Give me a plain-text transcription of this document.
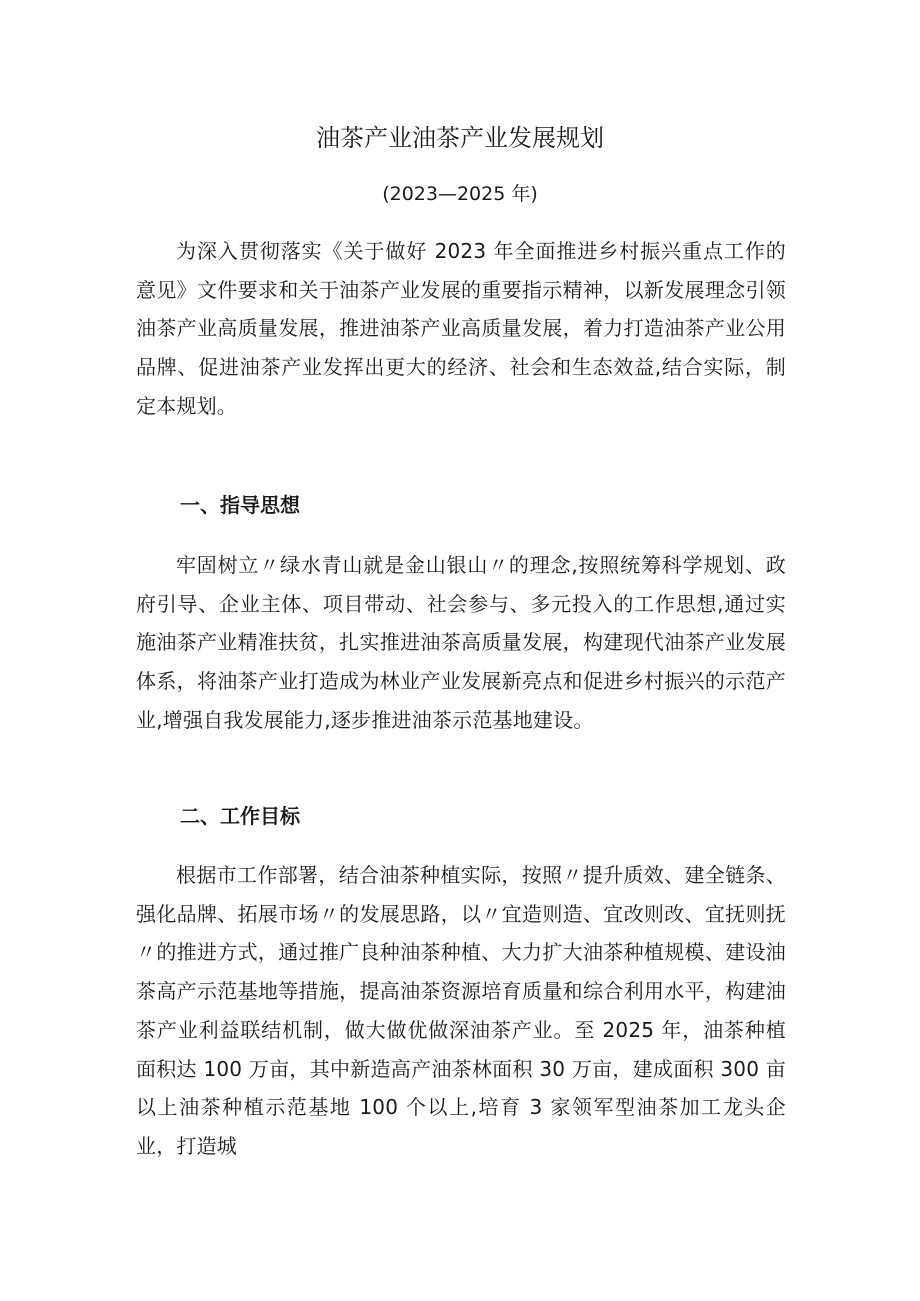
油茶产业油茶产业发展规划

(2023—2025 年)

为深入贯彻落实《关于做好 2023 年全面推进乡村振兴重点工作的意见》文件要求和关于油茶产业发展的重要指示精神，以新发展理念引领油茶产业高质量发展，推进油茶产业高质量发展，着力打造油茶产业公用品牌、促进油茶产业发挥出更大的经济、社会和生态效益,结合实际，制定本规划。

一、指导思想

牢固树立〃绿水青山就是金山银山〃的理念,按照统筹科学规划、政府引导、企业主体、项目带动、社会参与、多元投入的工作思想,通过实施油茶产业精准扶贫，扎实推进油茶高质量发展，构建现代油茶产业发展体系，将油茶产业打造成为林业产业发展新亮点和促进乡村振兴的示范产业,增强自我发展能力,逐步推进油茶示范基地建设。

二、工作目标

根据市工作部署，结合油茶种植实际，按照〃提升质效、建全链条、强化品牌、拓展市场〃的发展思路，以〃宜造则造、宜改则改、宜抚则抚〃的推进方式，通过推广良种油茶种植、大力扩大油茶种植规模、建设油茶高产示范基地等措施，提高油茶资源培育质量和综合利用水平，构建油茶产业利益联结机制，做大做优做深油茶产业。至 2025 年，油茶种植面积达 100 万亩，其中新造高产油茶林面积 30 万亩，建成面积 300 亩以上油茶种植示范基地 100 个以上,培育 3 家领军型油茶加工龙头企业，打造城
